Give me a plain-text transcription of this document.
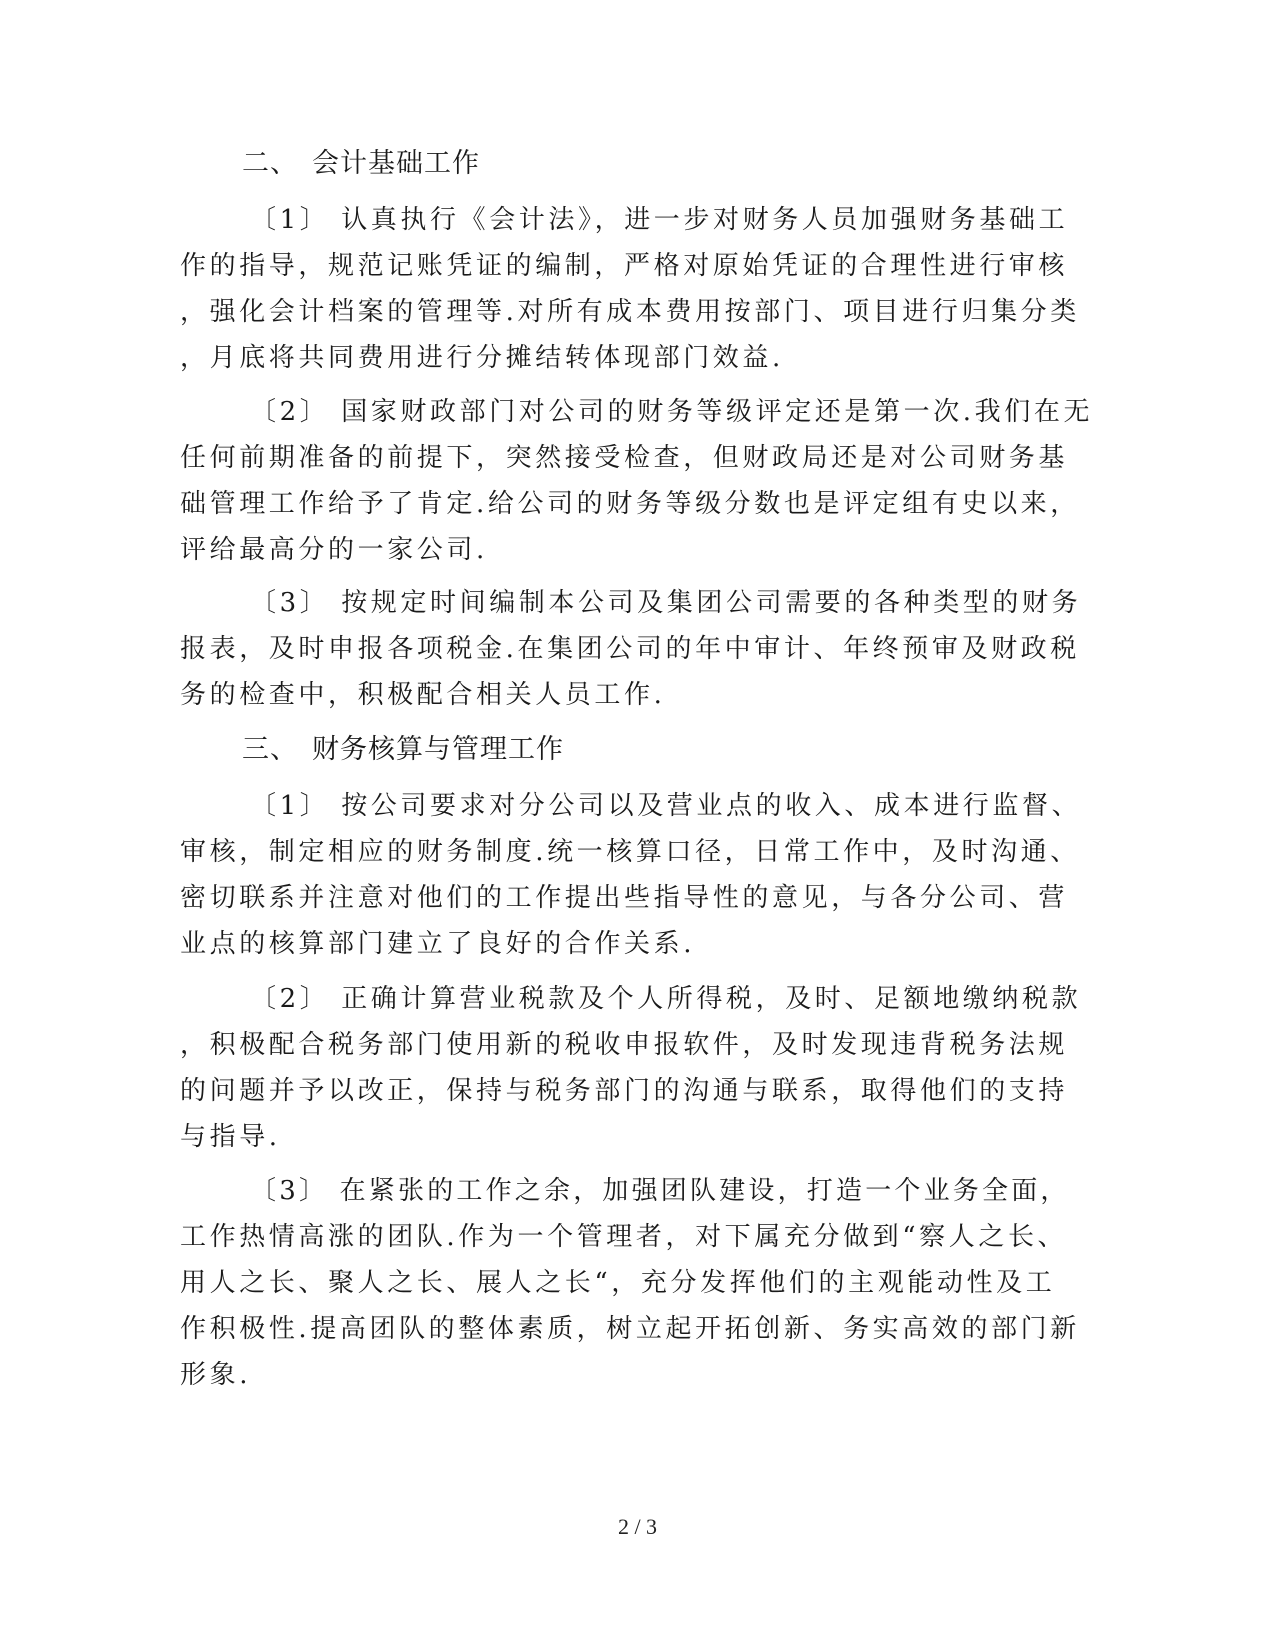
二、 会计基础工作
〔1〕 认真执行《会计法》，进一步对财务人员加强财务基础工
作的指导，规范记账凭证的编制，严格对原始凭证的合理性进行审核
，强化会计档案的管理等.对所有成本费用按部门、项目进行归集分类
，月底将共同费用进行分摊结转体现部门效益.
〔2〕 国家财政部门对公司的财务等级评定还是第一次.我们在无
任何前期准备的前提下，突然接受检查，但财政局还是对公司财务基
础管理工作给予了肯定.给公司的财务等级分数也是评定组有史以来，
评给最高分的一家公司.
〔3〕 按规定时间编制本公司及集团公司需要的各种类型的财务
报表，及时申报各项税金.在集团公司的年中审计、年终预审及财政税
务的检查中，积极配合相关人员工作.
三、 财务核算与管理工作
〔1〕 按公司要求对分公司以及营业点的收入、成本进行监督、
审核，制定相应的财务制度.统一核算口径，日常工作中，及时沟通、
密切联系并注意对他们的工作提出些指导性的意见，与各分公司、营
业点的核算部门建立了良好的合作关系.
〔2〕 正确计算营业税款及个人所得税，及时、足额地缴纳税款
，积极配合税务部门使用新的税收申报软件，及时发现违背税务法规
的问题并予以改正，保持与税务部门的沟通与联系，取得他们的支持
与指导.
〔3〕 在紧张的工作之余，加强团队建设，打造一个业务全面，
工作热情高涨的团队.作为一个管理者，对下属充分做到“察人之长、
用人之长、聚人之长、展人之长“，充分发挥他们的主观能动性及工
作积极性.提高团队的整体素质，树立起开拓创新、务实高效的部门新
形象.
2 / 3
